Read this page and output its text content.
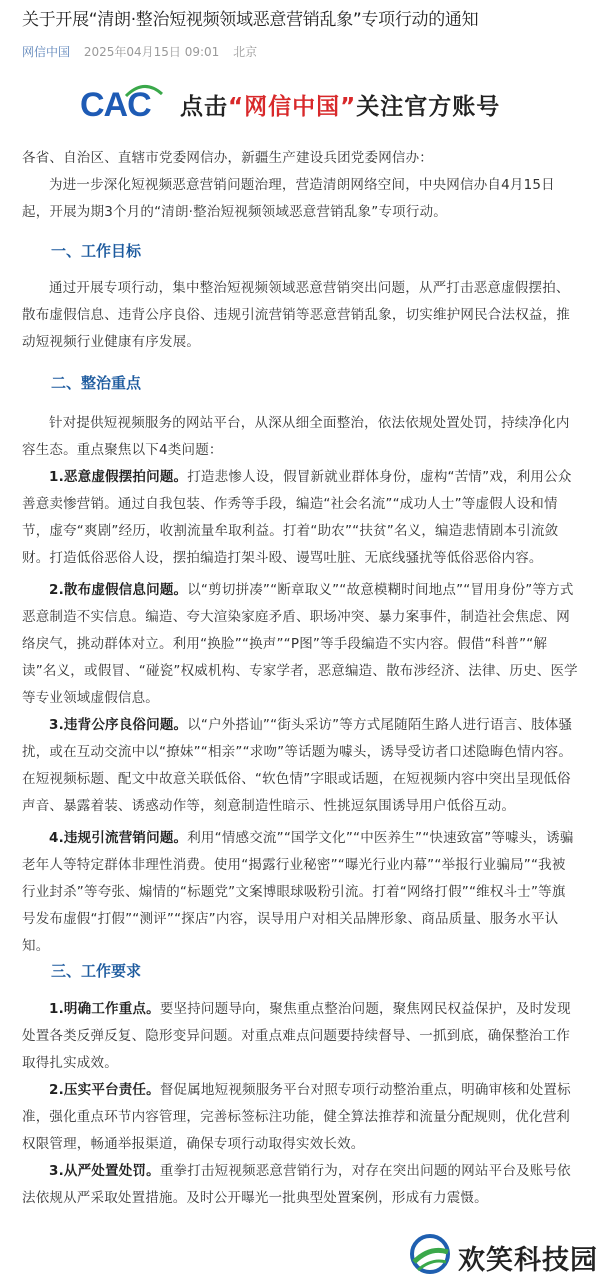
关于开展“清朗·整治短视频领域恶意营销乱象”专项行动的通知
网信中国 2025年04月15日 09:01 北京
CAC 点击“网信中国”关注官方账号

各省、自治区、直辖市党委网信办，新疆生产建设兵团党委网信办：

为进一步深化短视频恶意营销问题治理，营造清朗网络空间，中央网信办自4月15日起，开展为期3个月的“清朗·整治短视频领域恶意营销乱象”专项行动。

一、工作目标

通过开展专项行动，集中整治短视频领域恶意营销突出问题，从严打击恶意虚假摆拍、散布虚假信息、违背公序良俗、违规引流营销等恶意营销乱象，切实维护网民合法权益，推动短视频行业健康有序发展。

二、整治重点

针对提供短视频服务的网站平台，从深从细全面整治，依法依规处置处罚，持续净化内容生态。重点聚焦以下4类问题：

1.恶意虚假摆拍问题。打造悲惨人设，假冒新就业群体身份，虚构“苦情”戏，利用公众善意卖惨营销。通过自我包装、作秀等手段，编造“社会名流”“成功人士”等虚假人设和情节，虚夸“爽剧”经历，收割流量牟取利益。打着“助农”“扶贫”名义，编造悲情剧本引流敛财。打造低俗恶俗人设，摆拍编造打架斗殴、谩骂吐脏、无底线骚扰等低俗恶俗内容。

2.散布虚假信息问题。以“剪切拼凑”“断章取义”“故意模糊时间地点”“冒用身份”等方式恶意制造不实信息。编造、夸大渲染家庭矛盾、职场冲突、暴力案事件，制造社会焦虑、网络戾气，挑动群体对立。利用“换脸”“换声”“P图”等手段编造不实内容。假借“科普”“解读”名义，或假冒、“碰瓷”权威机构、专家学者，恶意编造、散布涉经济、法律、历史、医学等专业领域虚假信息。

3.违背公序良俗问题。以“户外搭讪”“街头采访”等方式尾随陌生路人进行语言、肢体骚扰，或在互动交流中以“撩妹”“相亲”“求吻”等话题为噱头，诱导受访者口述隐晦色情内容。在短视频标题、配文中故意关联低俗、“软色情”字眼或话题，在短视频内容中突出呈现低俗声音、暴露着装、诱惑动作等，刻意制造性暗示、性挑逗氛围诱导用户低俗互动。

4.违规引流营销问题。利用“情感交流”“国学文化”“中医养生”“快速致富”等噱头，诱骗老年人等特定群体非理性消费。使用“揭露行业秘密”“曝光行业内幕”“举报行业骗局”“我被行业封杀”等夸张、煽情的“标题党”文案博眼球吸粉引流。打着“网络打假”“维权斗士”等旗号发布虚假“打假”“测评”“探店”内容，误导用户对相关品牌形象、商品质量、服务水平认知。

三、工作要求

1.明确工作重点。要坚持问题导向，聚焦重点整治问题，聚焦网民权益保护，及时发现处置各类反弹反复、隐形变异问题。对重点难点问题要持续督导、一抓到底，确保整治工作取得扎实成效。

2.压实平台责任。督促属地短视频服务平台对照专项行动整治重点，明确审核和处置标准，强化重点环节内容管理，完善标签标注功能，健全算法推荐和流量分配规则，优化营利权限管理，畅通举报渠道，确保专项行动取得实效长效。

3.从严处置处罚。重拳打击短视频恶意营销行为，对存在突出问题的网站平台及账号依法依规从严采取处置措施。及时公开曝光一批典型处置案例，形成有力震慑。

欢笑科技园
